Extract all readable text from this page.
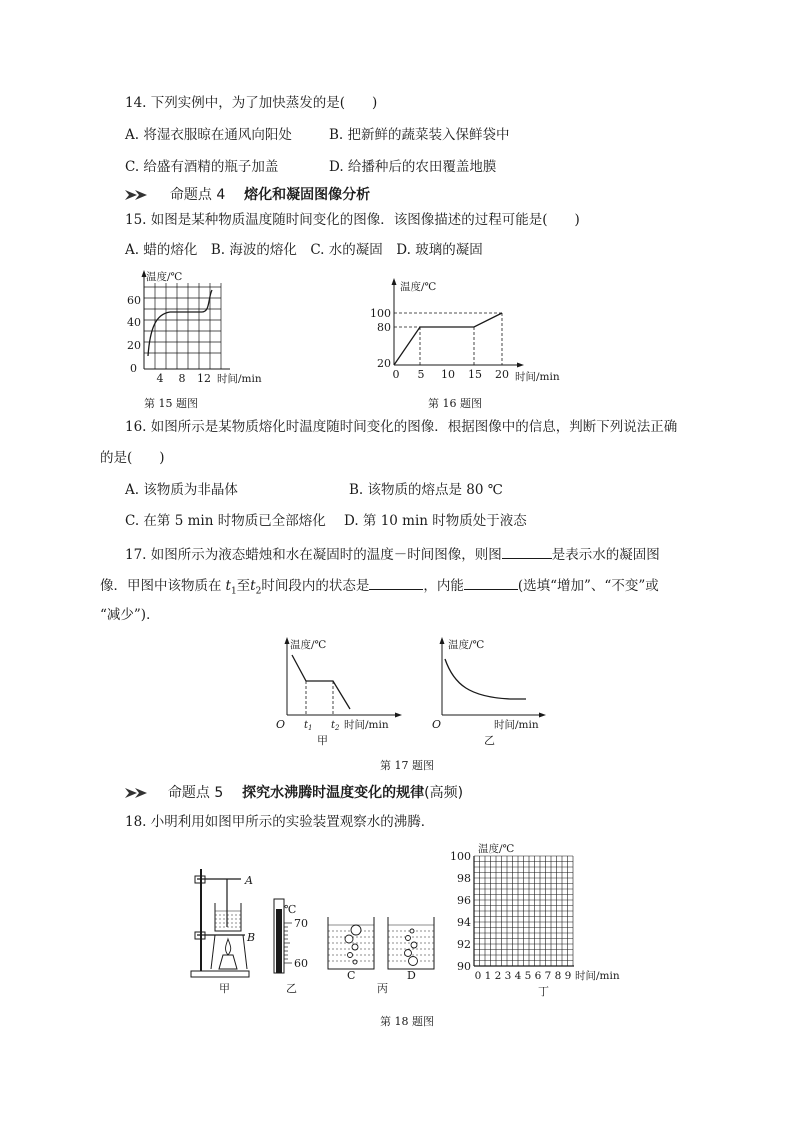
14. 下列实例中，为了加快蒸发的是(　　)
A. 将湿衣服晾在通风向阳处	B. 把新鲜的蔬菜装入保鲜袋中
C. 给盛有酒精的瓶子加盖	D. 给播种后的农田覆盖地膜
命题点 4 熔化和凝固图像分析
15. 如图是某种物质温度随时间变化的图像．该图像描述的过程可能是(　　)
A. 蜡的熔化　B. 海波的熔化　C. 水的凝固　D. 玻璃的凝固
温度/℃
60
40
20
0
4 8 12 时间/min
第 15 题图
温度/℃
100
80
20
0 5 10 15 20 时间/min
第 16 题图
16. 如图所示是某物质熔化时温度随时间变化的图像．根据图像中的信息，判断下列说法正确
的是(　　)
A. 该物质为非晶体	B. 该物质的熔点是 80 ℃
C. 在第 5 min 时物质已全部熔化 D. 第 10 min 时物质处于液态
17. 如图所示为液态蜡烛和水在凝固时的温度－时间图像，则图	是表示水的凝固图
像．甲图中该物质在 $t_1$至$t_2$时间段内的状态是	，内能	(选填“增加”、“不变”或
“减少”)．
温度/℃
O $t_1$ $t_2$ 时间/min
甲
温度/℃
O	时间/min
乙
第 17 题图
命题点 5 探究水沸腾时温度变化的规律(高频)
18. 小明利用如图甲所示的实验装置观察水的沸腾．
A
B
甲
℃
70
60
乙
C	D
丙
温度/℃
100
98
96
94
92
90
0 1 2 3 4 5 6 7 8 9 时间/min
丁
第 18 题图
